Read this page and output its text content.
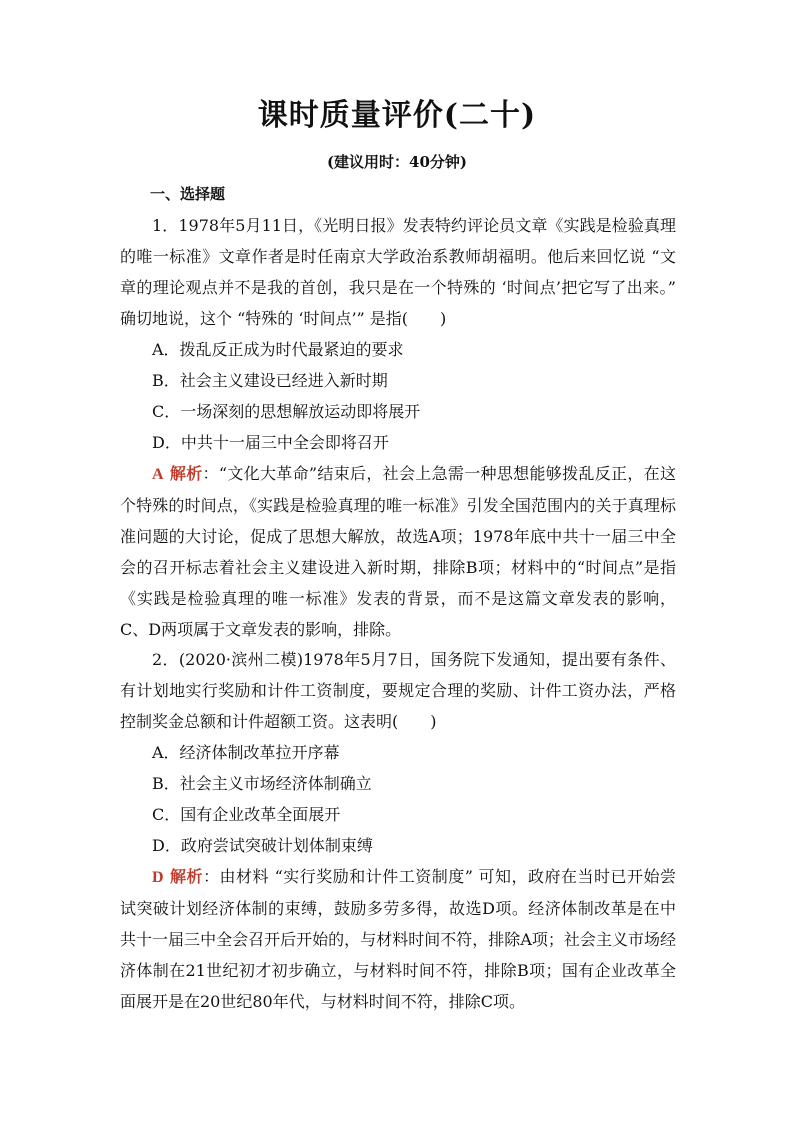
课时质量评价(二十)
(建议用时：40分钟)
一、选择题

1．1978年5月11日，《光明日报》发表特约评论员文章《实践是检验真理的唯一标准》文章作者是时任南京大学政治系教师胡福明。他后来回忆说 “文章的理论观点并不是我的首创，我只是在一个特殊的 ‘时间点’把它写了出来。” 确切地说，这个 “特殊的 ‘时间点’” 是指(　　)

A．拨乱反正成为时代最紧迫的要求

B．社会主义建设已经进入新时期

C．一场深刻的思想解放运动即将展开

D．中共十一届三中全会即将召开

A 解析：“文化大革命”结束后，社会上急需一种思想能够拨乱反正，在这个特殊的时间点，《实践是检验真理的唯一标准》引发全国范围内的关于真理标准问题的大讨论，促成了思想大解放，故选A项；1978年底中共十一届三中全会的召开标志着社会主义建设进入新时期，排除B项；材料中的“时间点”是指《实践是检验真理的唯一标准》发表的背景，而不是这篇文章发表的影响，C、D两项属于文章发表的影响，排除。

2．(2020·滨州二模)1978年5月7日，国务院下发通知，提出要有条件、有计划地实行奖励和计件工资制度，要规定合理的奖励、计件工资办法，严格控制奖金总额和计件超额工资。这表明(　　)

A．经济体制改革拉开序幕

B．社会主义市场经济体制确立

C．国有企业改革全面展开

D．政府尝试突破计划体制束缚

D 解析：由材料 “实行奖励和计件工资制度” 可知，政府在当时已开始尝试突破计划经济体制的束缚，鼓励多劳多得，故选D项。经济体制改革是在中共十一届三中全会召开后开始的，与材料时间不符，排除A项；社会主义市场经济体制在21世纪初才初步确立，与材料时间不符，排除B项；国有企业改革全面展开是在20世纪80年代，与材料时间不符，排除C项。
